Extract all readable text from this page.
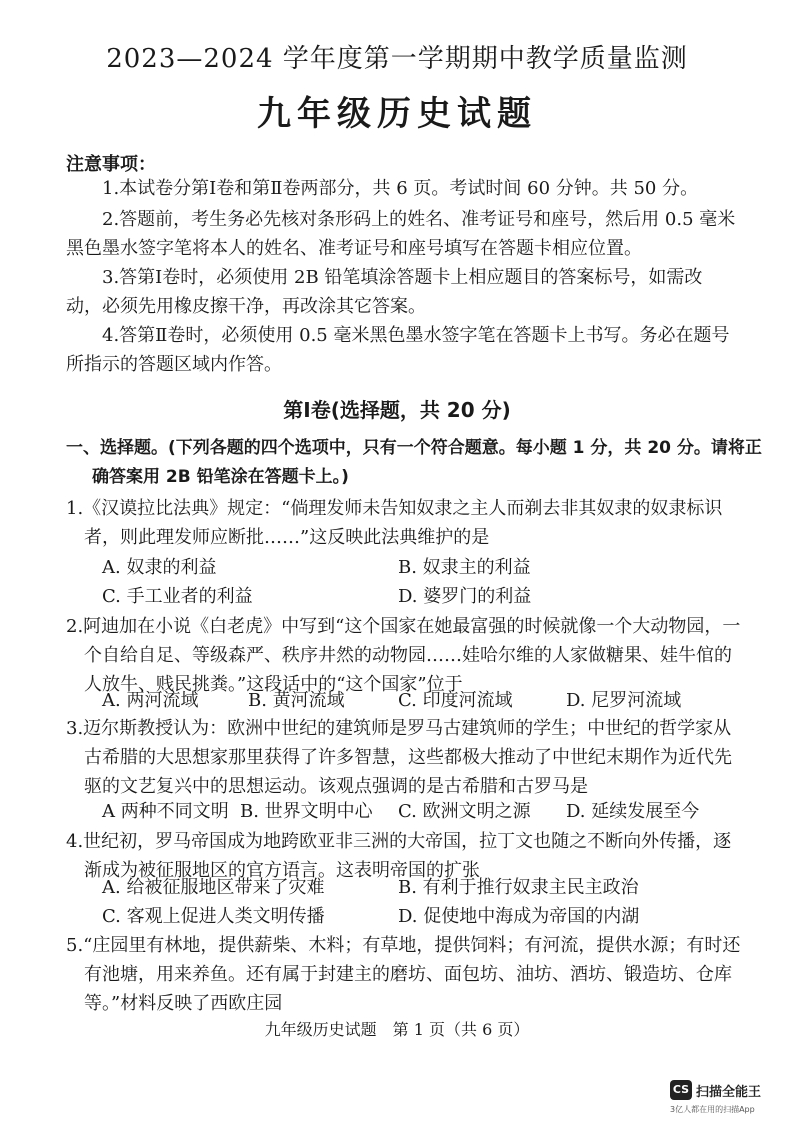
2023—2024 学年度第一学期期中教学质量监测
九年级历史试题
注意事项：
1.本试卷分第Ⅰ卷和第Ⅱ卷两部分，共 6 页。考试时间 60 分钟。共 50 分。
2.答题前，考生务必先核对条形码上的姓名、准考证号和座号，然后用 0.5 毫米黑色墨水签字笔将本人的姓名、准考证号和座号填写在答题卡相应位置。
3.答第Ⅰ卷时，必须使用 2B 铅笔填涂答题卡上相应题目的答案标号，如需改动，必须先用橡皮擦干净，再改涂其它答案。
4.答第Ⅱ卷时，必须使用 0.5 毫米黑色墨水签字笔在答题卡上书写。务必在题号所指示的答题区域内作答。
第Ⅰ卷(选择题，共 20 分)
一、选择题。(下列各题的四个选项中，只有一个符合题意。每小题 1 分，共 20 分。请将正确答案用 2B 铅笔涂在答题卡上。)
1.《汉谟拉比法典》规定：“倘理发师未告知奴隶之主人而剃去非其奴隶的奴隶标识者，则此理发师应断批……”这反映此法典维护的是
A. 奴隶的利益	B. 奴隶主的利益
C. 手工业者的利益	D. 婆罗门的利益
2.阿迪加在小说《白老虎》中写到“这个国家在她最富强的时候就像一个大动物园，一个自给自足、等级森严、秩序井然的动物园……娃哈尔维的人家做糖果、娃牛倌的人放牛、贱民挑粪。”这段话中的“这个国家”位于
A. 两河流域	B. 黄河流域	C. 印度河流域	D. 尼罗河流域
3.迈尔斯教授认为：欧洲中世纪的建筑师是罗马古建筑师的学生；中世纪的哲学家从古希腊的大思想家那里获得了许多智慧，这些都极大推动了中世纪末期作为近代先驱的文艺复兴中的思想运动。该观点强调的是古希腊和古罗马是
A 两种不同文明 B. 世界文明中心 C. 欧洲文明之源 D. 延续发展至今
4.世纪初，罗马帝国成为地跨欧亚非三洲的大帝国，拉丁文也随之不断向外传播，逐渐成为被征服地区的官方语言。这表明帝国的扩张
A. 给被征服地区带来了灾难	B. 有利于推行奴隶主民主政治
C. 客观上促进人类文明传播	D. 促使地中海成为帝国的内湖
5.“庄园里有林地，提供薪柴、木料；有草地，提供饲料；有河流，提供水源；有时还有池塘，用来养鱼。还有属于封建主的磨坊、面包坊、油坊、酒坊、锻造坊、仓库等。”材料反映了西欧庄园
九年级历史试题　第 1 页（共 6 页）
CS 扫描全能王
3亿人都在用的扫描App
